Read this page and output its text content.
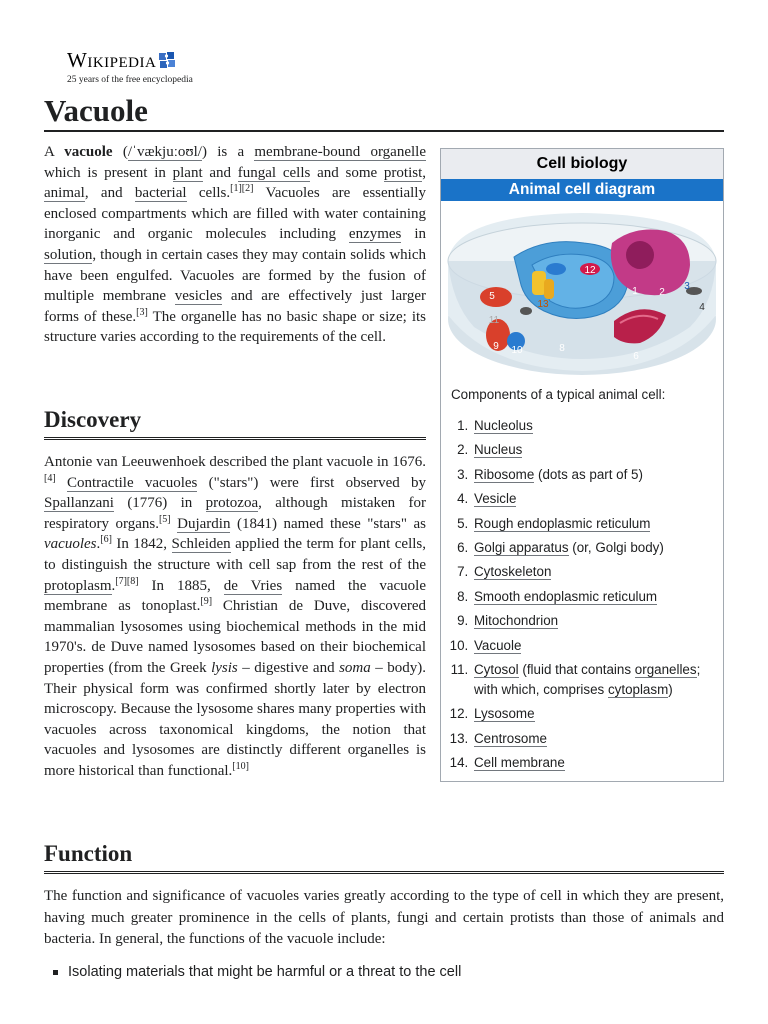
Wikipedia
25 years of the free encyclopedia
Vacuole
A vacuole (/ˈvækjuːoʊl/) is a membrane-bound organelle which is present in plant and fungal cells and some protist, animal, and bacterial cells.[1][2] Vacuoles are essentially enclosed compartments which are filled with water containing inorganic and organic molecules including enzymes in solution, though in certain cases they may contain solids which have been engulfed. Vacuoles are formed by the fusion of multiple membrane vesicles and are effectively just larger forms of these.[3] The organelle has no basic shape or size; its structure varies according to the requirements of the cell.
Discovery
Antonie van Leeuwenhoek described the plant vacuole in 1676.[4] Contractile vacuoles ("stars") were first observed by Spallanzani (1776) in protozoa, although mistaken for respiratory organs.[5] Dujardin (1841) named these "stars" as vacuoles.[6] In 1842, Schleiden applied the term for plant cells, to distinguish the structure with cell sap from the rest of the protoplasm.[7][8] In 1885, de Vries named the vacuole membrane as tonoplast.[9] Christian de Duve, discovered mammalian lysosomes using biochemical methods in the mid 1970's. de Duve named lysosomes based on their biochemical properties (from the Greek lysis – digestive and soma – body). Their physical form was confirmed shortly later by electron microscopy. Because the lysosome shares many properties with vacuoles across taxonomical kingdoms, the notion that vacuoles and lysosomes are distinctly different organelles is more historical than functional.[10]
Cell biology
Animal cell diagram
1 2
3
4
5
6
8
9 10
11
12
13
Components of a typical animal cell:
1. Nucleolus
2. Nucleus
3. Ribosome (dots as part of 5)
4. Vesicle
5. Rough endoplasmic reticulum
6. Golgi apparatus (or, Golgi body)
7. Cytoskeleton
8. Smooth endoplasmic reticulum
9. Mitochondrion
10. Vacuole
11. Cytosol (fluid that contains organelles; with which, comprises cytoplasm)
12. Lysosome
13. Centrosome
14. Cell membrane
Function
The function and significance of vacuoles varies greatly according to the type of cell in which they are present, having much greater prominence in the cells of plants, fungi and certain protists than those of animals and bacteria. In general, the functions of the vacuole include:
Isolating materials that might be harmful or a threat to the cell
